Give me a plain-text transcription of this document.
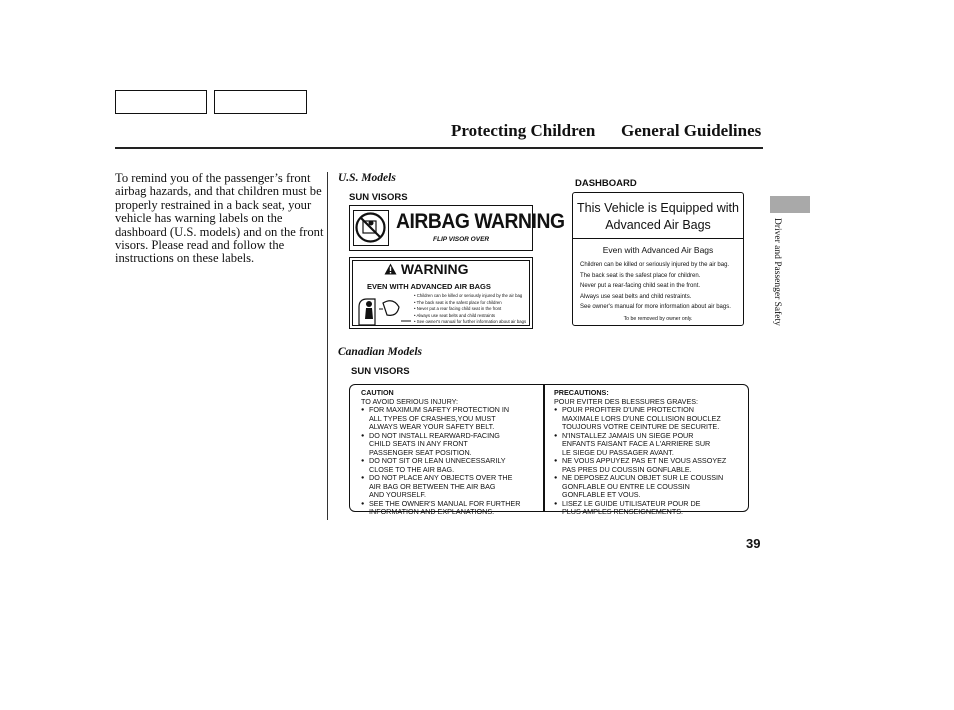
Protecting Children General Guidelines
To remind you of the passenger’s front airbag hazards, and that children must be properly restrained in a back seat, your vehicle has warning labels on the dashboard (U.S. models) and on the front visors. Please read and follow the instructions on these labels.
U.S. Models
SUN VISORS
DASHBOARD
AIRBAG WARNING
FLIP VISOR OVER
WARNING
EVEN WITH ADVANCED AIR BAGS
• Children can be killed or seriously injured by the air bag
• The back seat is the safest place for children
• Never put a rear facing child seat in the front
• Always use seat belts and child restraints
• See owner's manual for further information about air bags
This Vehicle is Equipped with
Advanced Air Bags
Even with Advanced Air Bags
Children can be killed or seriously injured by the air bag.
The back seat is the safest place for children.
Never put a rear-facing child seat in the front.
Always use seat belts and child restraints.
See owner's manual for more information about air bags.
To be removed by owner only.
Canadian Models
SUN VISORS
CAUTION
TO AVOID SERIOUS INJURY:
● FOR MAXIMUM SAFETY PROTECTION IN
ALL TYPES OF CRASHES,YOU MUST
ALWAYS WEAR YOUR SAFETY BELT.
● DO NOT INSTALL REARWARD-FACING
CHILD SEATS IN ANY FRONT
PASSENGER SEAT POSITION.
● DO NOT SIT OR LEAN UNNECESSARILY
CLOSE TO THE AIR BAG.
● DO NOT PLACE ANY OBJECTS OVER THE
AIR BAG OR BETWEEN THE AIR BAG
AND YOURSELF.
● SEE THE OWNER'S MANUAL FOR FURTHER
INFORMATION AND EXPLANATIONS.
PRECAUTIONS:
POUR EVITER DES BLESSURES GRAVES:
● POUR PROFITER D'UNE PROTECTION
MAXIMALE LORS D'UNE COLLISION BOUCLEZ
TOUJOURS VOTRE CEINTURE DE SECURITE.
● N'INSTALLEZ JAMAIS UN SIEGE POUR
ENFANTS FAISANT FACE A L'ARRIERE SUR
LE SIEGE DU PASSAGER AVANT.
● NE VOUS APPUYEZ PAS ET NE VOUS ASSOYEZ
PAS PRES DU COUSSIN GONFLABLE.
● NE DEPOSEZ AUCUN OBJET SUR LE COUSSIN
GONFLABLE OU ENTRE LE COUSSIN
GONFLABLE ET VOUS.
● LISEZ LE GUIDE UTILISATEUR POUR DE
PLUS AMPLES RENSEIGNEMENTS.
Driver and Passenger Safety
39
